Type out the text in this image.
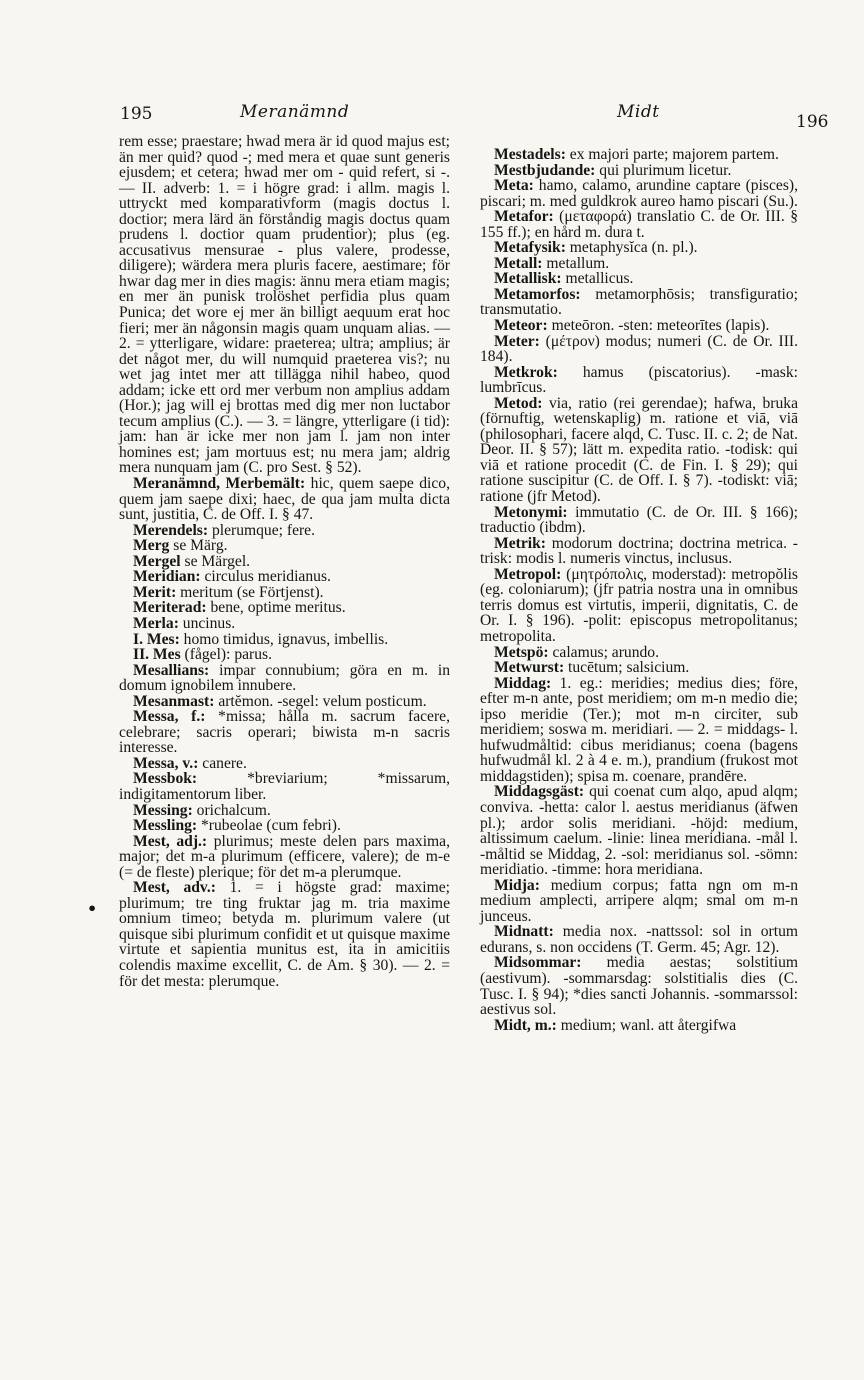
195	Meranämnd	Midt	196
•

rem esse; praestare; hwad mera är id quod majus est; än mer quid? quod -; med mera et quae sunt generis ejusdem; et cetera; hwad mer om - quid refert, si -. — II. adverb: 1. = i högre grad: i allm. magis l. uttryckt med komparativform (magis doctus l. doctior; mera lärd än förståndig magis doctus quam prudens l. doctior quam prudentior); plus (eg. accusativus mensurae - plus valere, prodesse, diligere); wärdera mera pluris facere, aestimare; för hwar dag mer in dies magis: ännu mera etiam magis; en mer än punisk trolöshet perfidia plus quam Punica; det wore ej mer än billigt aequum erat hoc fieri; mer än någonsin magis quam unquam alias. — 2. = ytterligare, widare: praeterea; ultra; amplius; är det något mer, du will numquid praeterea vis?; nu wet jag intet mer att tillägga nihil habeo, quod addam; icke ett ord mer verbum non amplius addam (Hor.); jag will ej brottas med dig mer non luctabor tecum amplius (C.). — 3. = längre, ytterligare (i tid): jam: han är icke mer non jam l. jam non inter homines est; jam mortuus est; nu mera jam; aldrig mera nunquam jam (C. pro Sest. § 52).

Meranämnd, Merbemält: hic, quem saepe dico, quem jam saepe dixi; haec, de qua jam multa dicta sunt, justitia, C. de Off. I. § 47.

Merendels: plerumque; fere.

Merg se Märg.

Mergel se Märgel.

Meridian: circulus meridianus.

Merit: meritum (se Förtjenst).

Meriterad: bene, optime meritus.

Merla: uncinus.

I. Mes: homo timidus, ignavus, imbellis.

II. Mes (fågel): parus.

Mesallians: impar connubium; göra en m. in domum ignobilem innubere.

Mesanmast: artĕmon. -segel: velum posticum.

Messa, f.: *missa; hålla m. sacrum facere, celebrare; sacris operari; biwista m-n sacris interesse.

Messa, v.: canere.

Messbok: *breviarium; *missarum, indigitamentorum liber.

Messing: orichalcum.

Messling: *rubeolae (cum febri).

Mest, adj.: plurimus; meste delen pars maxima, major; det m-a plurimum (efficere, valere); de m-e (= de fleste) plerique; för det m-a plerumque.

Mest, adv.: 1. = i högste grad: maxime; plurimum; tre ting fruktar jag m. tria maxime omnium timeo; betyda m. plurimum valere (ut quisque sibi plurimum confidit et ut quisque maxime virtute et sapientia munitus est, ita in amicitiis colendis maxime excellit, C. de Am. § 30). — 2. = för det mesta: plerumque.

Mestadels: ex majori parte; majorem partem.

Mestbjudande: qui plurimum licetur.

Meta: hamo, calamo, arundine captare (pisces), piscari; m. med guldkrok aureo hamo piscari (Su.).

Metafor: (μεταφορά) translatio C. de Or. III. § 155 ff.); en hård m. dura t.

Metafysik: metaphysĭca (n. pl.).

Metall: metallum.

Metallisk: metallicus.

Metamorfos: metamorphōsis; transfiguratio; transmutatio.

Meteor: meteōron. -sten: meteorītes (lapis).

Meter: (μέτρον) modus; numeri (C. de Or. III. 184).

Metkrok: hamus (piscatorius). -mask: lumbrīcus.

Metod: via, ratio (rei gerendae); hafwa, bruka (förnuftig, wetenskaplig) m. ratione et viā, viā (philosophari, facere alqd, C. Tusc. II. c. 2; de Nat. Deor. II. § 57); lätt m. expedita ratio. -todisk: qui viā et ratione procedit (C. de Fin. I. § 29); qui ratione suscipitur (C. de Off. I. § 7). -todiskt: viā; ratione (jfr Metod).

Metonymi: immutatio (C. de Or. III. § 166); traductio (ibdm).

Metrik: modorum doctrina; doctrina metrica. -trisk: modis l. numeris vinctus, inclusus.

Metropol: (μητρόπολις, moderstad): metropŏlis (eg. coloniarum); (jfr patria nostra una in omnibus terris domus est virtutis, imperii, dignitatis, C. de Or. I. § 196). -polit: episcopus metropolitanus; metropolita.

Metspö: calamus; arundo.

Metwurst: tucētum; salsicium.

Middag: 1. eg.: meridies; medius dies; före, efter m-n ante, post meridiem; om m-n medio die; ipso meridie (Ter.); mot m-n circiter, sub meridiem; soswa m. meridiari. — 2. = middags- l. hufwudmåltid: cibus meridianus; coena (bagens hufwudmål kl. 2 à 4 e. m.), prandium (frukost mot middagstiden); spisa m. coenare, prandēre.

Middagsgäst: qui coenat cum alqo, apud alqm; conviva. -hetta: calor l. aestus meridianus (äfwen pl.); ardor solis meridiani. -höjd: medium, altissimum caelum. -linie: linea meridiana. -mål l. -måltid se Middag, 2. -sol: meridianus sol. -sömn: meridiatio. -timme: hora meridiana.

Midja: medium corpus; fatta ngn om m-n medium amplecti, arripere alqm; smal om m-n junceus.

Midnatt: media nox. -nattssol: sol in ortum edurans, s. non occidens (T. Germ. 45; Agr. 12).

Midsommar: media aestas; solstitium (aestivum). -sommarsdag: solstitialis dies (C. Tusc. I. § 94); *dies sancti Johannis. -sommarssol: aestivus sol.

Midt, m.: medium; wanl. att återgifwa
